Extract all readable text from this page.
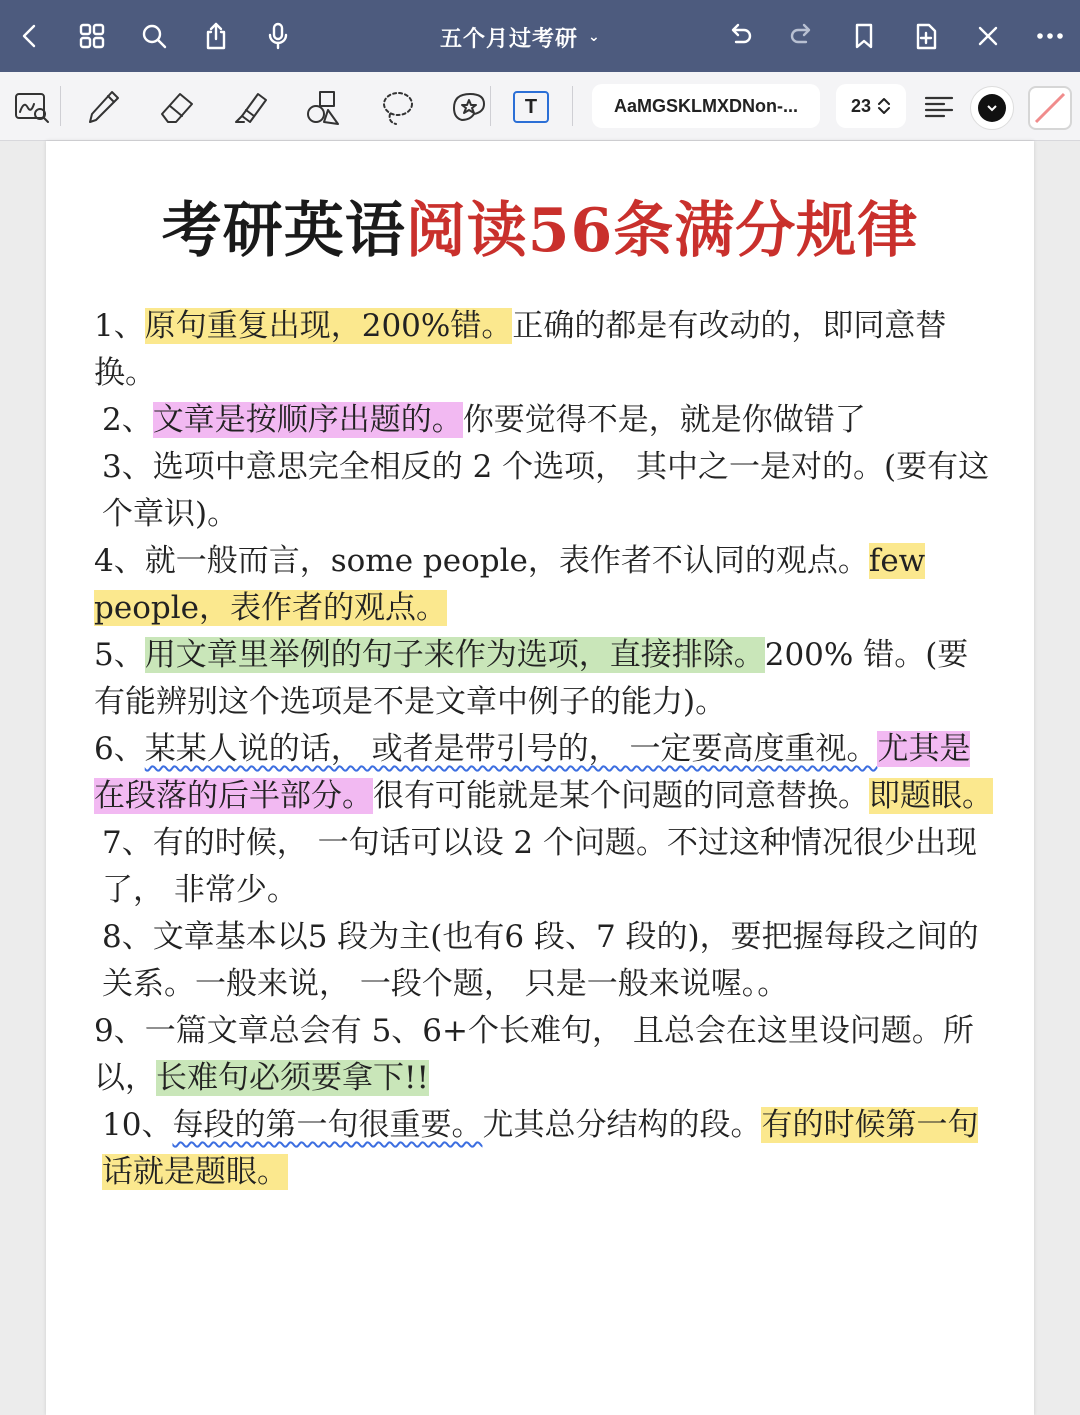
五个月过考研 ⌄
T	AaMGSKLMXDNon-...	23
考研英语阅读56条满分规律

1、原句重复出现，200%错。正确的都是有改动的，即同意替换。

2、文章是按顺序出题的。你要觉得不是，就是你做错了

3、选项中意思完全相反的 2 个选项， 其中之一是对的。(要有这个章识)。

4、就一般而言，some people，表作者不认同的观点。few people，表作者的观点。

5、用文章里举例的句子来作为选项，直接排除。200% 错。(要有能辨别这个选项是不是文章中例子的能力)。

6、某某人说的话， 或者是带引号的， 一定要高度重视。尤其是在段落的后半部分。很有可能就是某个问题的同意替换。即题眼。

7、有的时候， 一句话可以设 2 个问题。不过这种情况很少出现了， 非常少。

8、文章基本以5 段为主(也有6 段、7 段的)，要把握每段之间的关系。一般来说， 一段个题， 只是一般来说喔。。

9、一篇文章总会有 5、6+个长难句， 且总会在这里设问题。所以，长难句必须要拿下!!

10、每段的第一句很重要。尤其总分结构的段。有的时候第一句话就是题眼。
